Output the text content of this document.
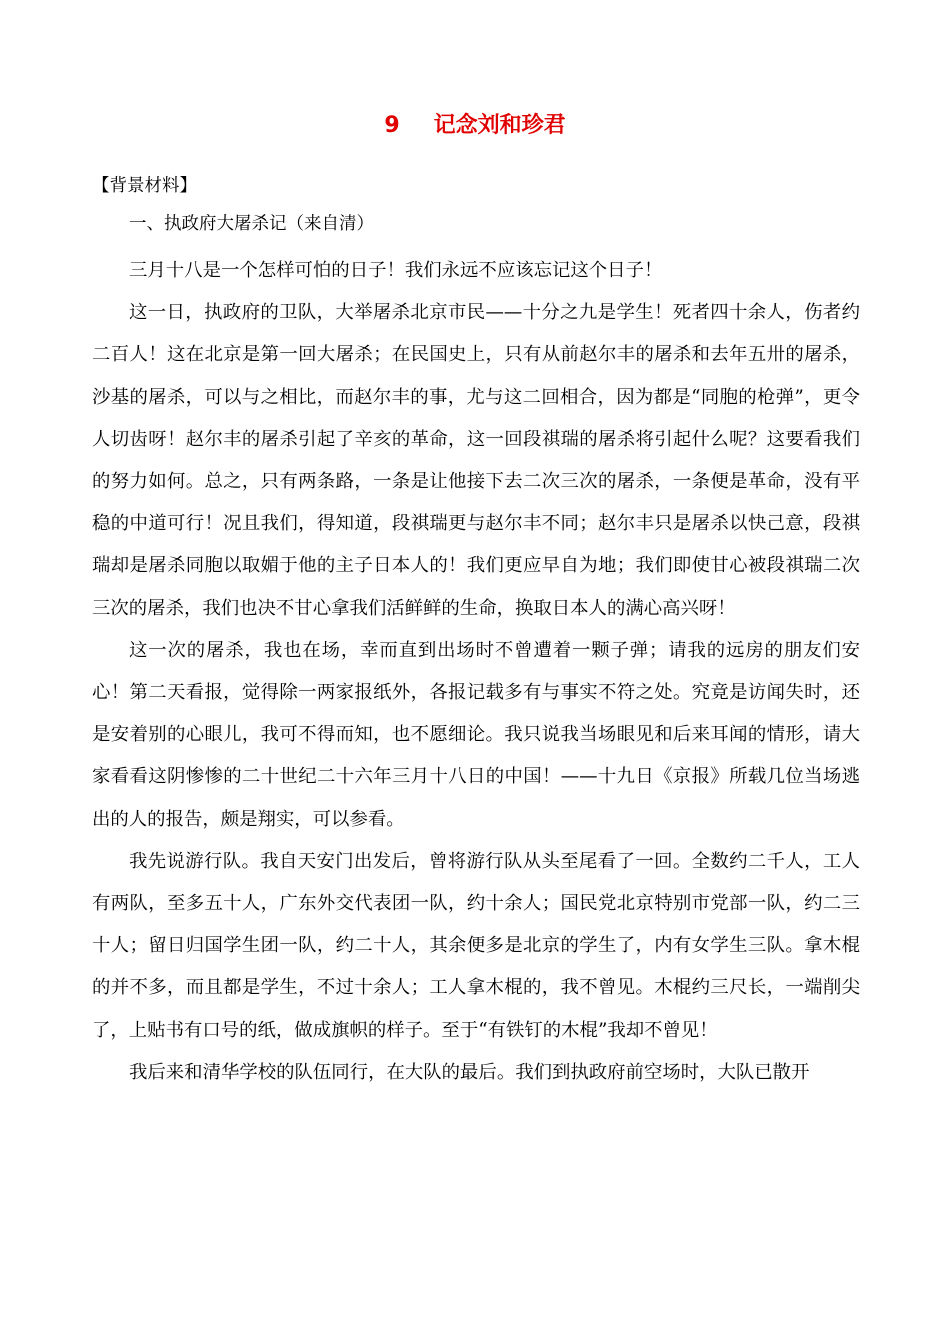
9 记念刘和珍君
【背景材料】
一、执政府大屠杀记（来自清）

三月十八是一个怎样可怕的日子！我们永远不应该忘记这个日子！

这一日，执政府的卫队，大举屠杀北京市民——十分之九是学生！死者四十余人，伤者约二百人！这在北京是第一回大屠杀；在民国史上，只有从前赵尔丰的屠杀和去年五卅的屠杀，沙基的屠杀，可以与之相比，而赵尔丰的事，尤与这二回相合，因为都是“同胞的枪弹”，更令人切齿呀！赵尔丰的屠杀引起了辛亥的革命，这一回段祺瑞的屠杀将引起什么呢？这要看我们的努力如何。总之，只有两条路，一条是让他接下去二次三次的屠杀，一条便是革命，没有平稳的中道可行！况且我们，得知道，段祺瑞更与赵尔丰不同；赵尔丰只是屠杀以快己意，段祺瑞却是屠杀同胞以取媚于他的主子日本人的！我们更应早自为地；我们即使甘心被段祺瑞二次三次的屠杀，我们也决不甘心拿我们活鲜鲜的生命，换取日本人的满心高兴呀！

这一次的屠杀，我也在场，幸而直到出场时不曾遭着一颗子弹；请我的远房的朋友们安心！第二天看报，觉得除一两家报纸外，各报记载多有与事实不符之处。究竟是访闻失时，还是安着别的心眼儿，我可不得而知，也不愿细论。我只说我当场眼见和后来耳闻的情形，请大家看看这阴惨惨的二十世纪二十六年三月十八日的中国！——十九日《京报》所载几位当场逃出的人的报告，颇是翔实，可以参看。

我先说游行队。我自天安门出发后，曾将游行队从头至尾看了一回。全数约二千人，工人有两队，至多五十人，广东外交代表团一队，约十余人；国民党北京特别市党部一队，约二三十人；留日归国学生团一队，约二十人，其余便多是北京的学生了，内有女学生三队。拿木棍的并不多，而且都是学生，不过十余人；工人拿木棍的，我不曾见。木棍约三尺长，一端削尖了，上贴书有口号的纸，做成旗帜的样子。至于“有铁钉的木棍”我却不曾见！

我后来和清华学校的队伍同行，在大队的最后。我们到执政府前空场时，大队已散开
